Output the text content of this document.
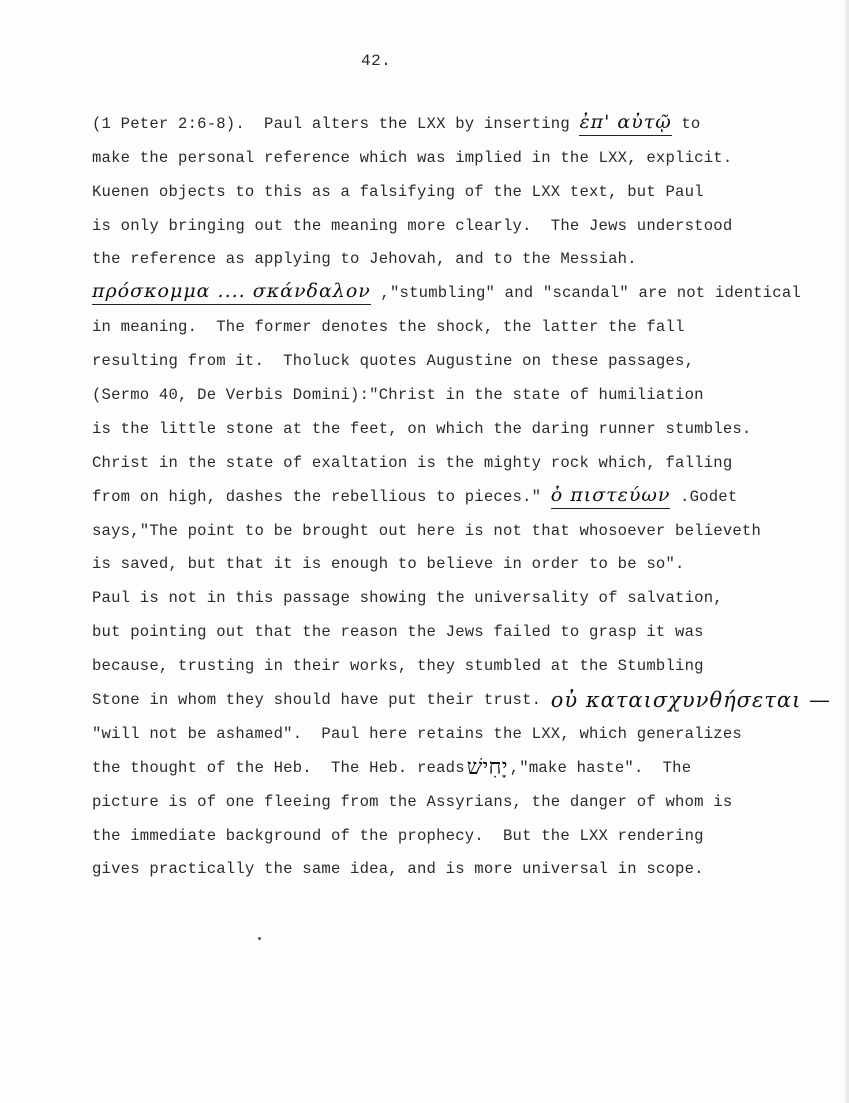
42.
(1 Peter 2:6-8).  Paul alters the LXX by inserting ἐπ' αὐτῷ to
make the personal reference which was implied in the LXX, explicit.
Kuenen objects to this as a falsifying of the LXX text, but Paul
is only bringing out the meaning more clearly.  The Jews understood
the reference as applying to Jehovah, and to the Messiah.
πρόσκομμα .... σκάνδαλον ,"stumbling" and "scandal" are not identical
in meaning.  The former denotes the shock, the latter the fall
resulting from it.  Tholuck quotes Augustine on these passages,
(Sermo 40, De Verbis Domini):"Christ in the state of humiliation
is the little stone at the feet, on which the daring runner stumbles.
Christ in the state of exaltation is the mighty rock which, falling
from on high, dashes the rebellious to pieces." ὁ πιστεύων .Godet
says,"The point to be brought out here is not that whosoever believeth
is saved, but that it is enough to believe in order to be so".
Paul is not in this passage showing the universality of salvation,
but pointing out that the reason the Jews failed to grasp it was
because, trusting in their works, they stumbled at the Stumbling
Stone in whom they should have put their trust. οὐ καταισχυνθήσεται —
"will not be ashamed".  Paul here retains the LXX, which generalizes
the thought of the Heb.  The Heb. reads יָחִישׁ ,"make haste".  The
picture is of one fleeing from the Assyrians, the danger of whom is
the immediate background of the prophecy.  But the LXX rendering
gives practically the same idea, and is more universal in scope.
